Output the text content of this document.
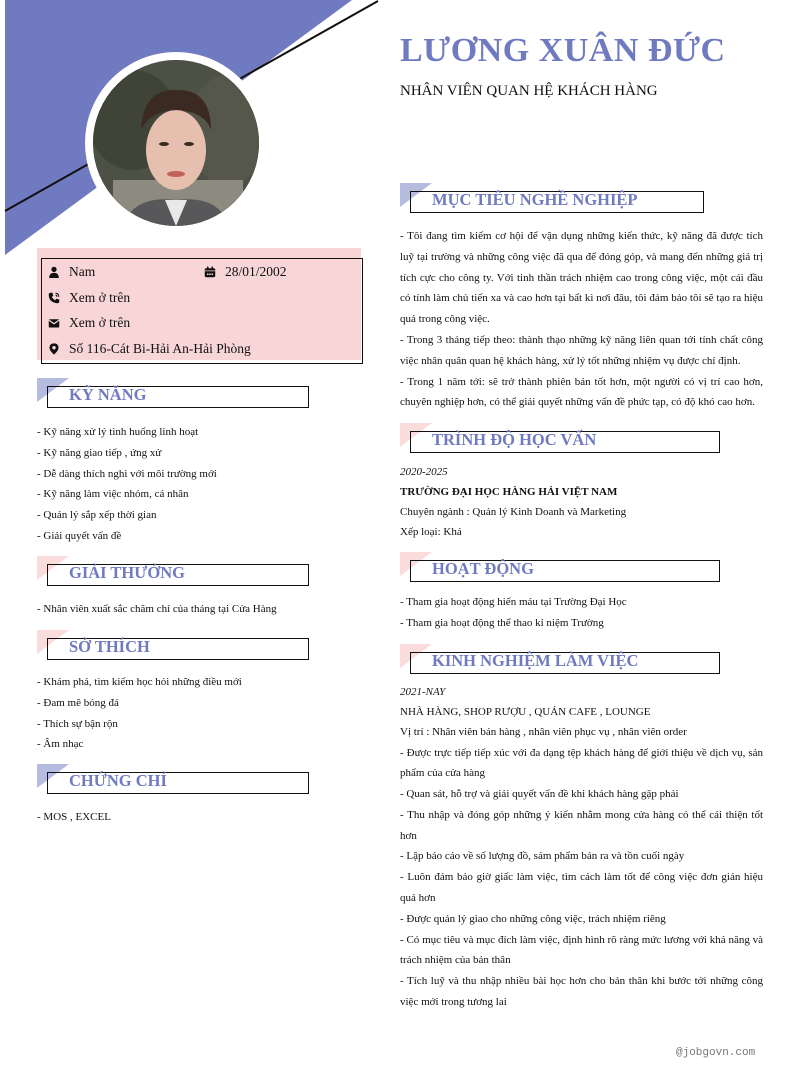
LƯƠNG XUÂN ĐỨC
NHÂN VIÊN QUAN HỆ KHÁCH HÀNG
Nam	28/01/2002
Xem ở trên
Xem ở trên
Số 116-Cát Bi-Hải An-Hải Phòng
KỸ NĂNG
- Kỹ năng xử lý tình huống linh hoạt
- Kỹ năng giao tiếp , ứng xử
- Dễ dàng thích nghi với môi trường mới
- Kỹ năng làm việc nhóm, cá nhân
- Quản lý sắp xếp thời gian
- Giải quyết vấn đề
GIẢI THƯỞNG
- Nhân viên xuất sắc chăm chỉ của tháng tại Cửa Hàng
SỞ THÍCH
- Khám phá, tìm kiếm học hỏi những điều mới
- Đam mê bóng đá
- Thích sự bận rộn
- Âm nhạc
CHỨNG CHỈ
- MOS , EXCEL
MỤC TIÊU NGHỀ NGHIỆP
- Tôi đang tìm kiếm cơ hội để vận dụng những kiến thức, kỹ năng đã được tích luỹ tại trường và những công việc đã qua để đóng góp, và mang đến những giá trị tích cực cho công ty. Với tinh thần trách nhiệm cao trong công việc, một cái đầu có tính làm chủ tiến xa và cao hơn tại bất kì nơi đâu, tôi đảm bảo tôi sẽ tạo ra hiệu quả trong công việc.
- Trong 3 tháng tiếp theo: thành thạo những kỹ năng liên quan tới tính chất công việc nhân quân quan hệ khách hàng, xử lý tốt những nhiệm vụ được chỉ định.
- Trong 1 năm tới: sẽ trở thành phiên bản tốt hơn, một người có vị trí cao hơn, chuyên nghiệp hơn, có thể giải quyết những vấn đề phức tạp, có độ khó cao hơn.
TRÌNH ĐỘ HỌC VẤN
2020-2025
TRƯỜNG ĐẠI HỌC HÀNG HẢI VIỆT NAM
Chuyên ngành : Quản lý Kinh Doanh và Marketing
Xếp loại: Khá
HOẠT ĐỘNG
- Tham gia hoạt động hiến máu tại Trường Đại Học
- Tham gia hoạt động thể thao kỉ niệm Trường
KINH NGHIỆM LÀM VIỆC
2021-NAY
NHÀ HÀNG, SHOP RƯỢU , QUÁN CAFE , LOUNGE
Vị trí : Nhân viên bán hàng , nhân viên phục vụ , nhân viên order
- Được trực tiếp tiếp xúc với đa dạng tệp khách hàng để giới thiệu về dịch vụ, sản phẩm của cửa hàng
- Quan sát, hỗ trợ và giải quyết vấn đề khi khách hàng gặp phải
- Thu nhập và đóng góp những ý kiến nhằm mong cửa hàng có thể cải thiện tốt hơn
- Lập báo cáo về số lượng đồ, sảm phẩm bán ra và tồn cuối ngày
- Luôn đảm bảo giờ giấc làm việc, tìm cách làm tốt để công việc đơn giản hiệu quả hơn
- Được quản lý giao cho những công việc, trách nhiệm riêng
- Có mục tiêu và mục đích làm việc, định hình rõ ràng mức lương với khả năng và trách nhiệm của bản thân
- Tích luỹ và thu nhập nhiều bài học hơn cho bản thân khi bước tới những công việc mới trong tương lai
@jobgovn.com
